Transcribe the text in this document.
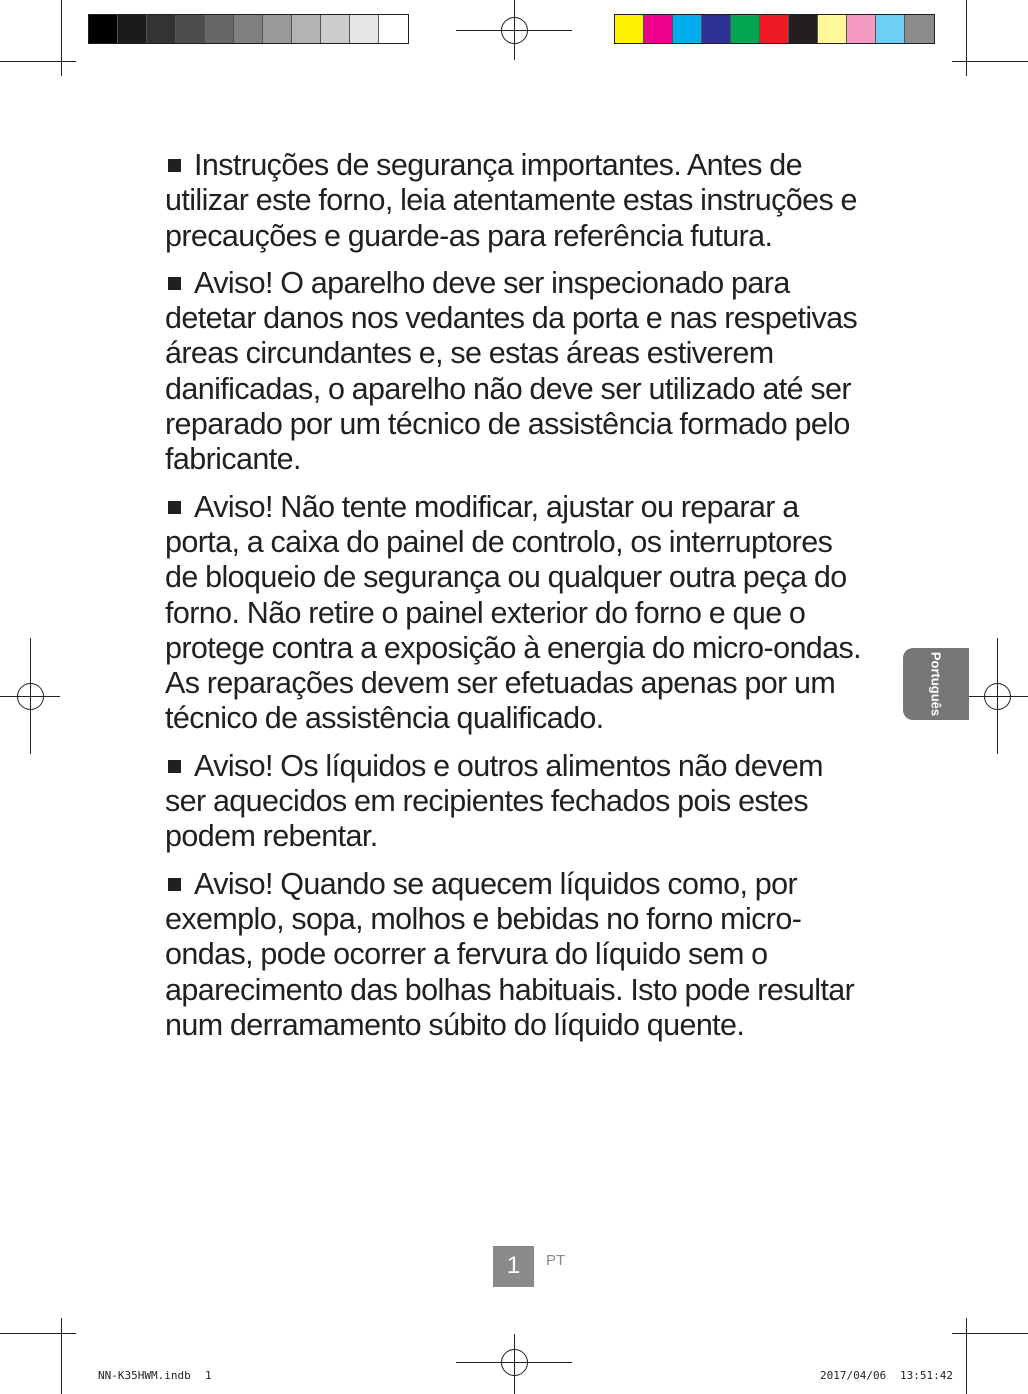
Instruções de segurança importantes. Antes de utilizar este forno, leia atentamente estas instruções e precauções e guarde-as para referência futura.

Aviso! O aparelho deve ser inspecionado para detetar danos nos vedantes da porta e nas respetivas áreas circundantes e, se estas áreas estiverem danificadas, o aparelho não deve ser utilizado até ser reparado por um técnico de assistência formado pelo fabricante.

Aviso! Não tente modificar, ajustar ou reparar a porta, a caixa do painel de controlo, os interruptores de bloqueio de segurança ou qualquer outra peça do forno. Não retire o painel exterior do forno e que o protege contra a exposição à energia do micro-ondas. As reparações devem ser efetuadas apenas por um técnico de assistência qualificado.

Aviso! Os líquidos e outros alimentos não devem ser aquecidos em recipientes fechados pois estes podem rebentar.

Aviso! Quando se aquecem líquidos como, por exemplo, sopa, molhos e bebidas no forno micro-ondas, pode ocorrer a fervura do líquido sem o aparecimento das bolhas habituais. Isto pode resultar num derramamento súbito do líquido quente.

Português
1	PT
NN-K35HWM.indb 1	2017/04/06 13:51:42
